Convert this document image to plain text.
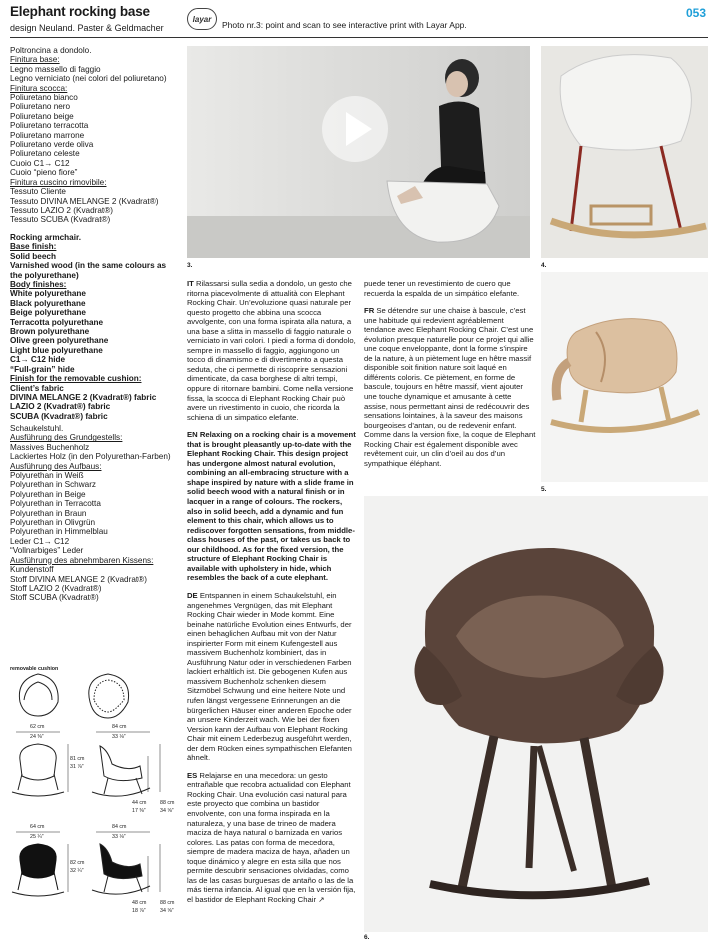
Elephant rocking base
design Neuland. Paster & Geldmacher
layar
Photo nr.3: point and scan to see interactive print with Layar App.
053
Poltroncina a dondolo.
Finitura base:
Legno massello di faggio
Legno verniciato (nei colori del poliuretano)
Finitura scocca:
Poliuretano bianco
Poliuretano nero
Poliuretano beige
Poliuretano terracotta
Poliuretano marrone
Poliuretano verde oliva
Poliuretano celeste
Cuoio C1→ C12
Cuoio “pieno fiore”
Finitura cuscino rimovibile:
Tessuto Cliente
Tessuto DIVINA MELANGE 2 (Kvadrat®)
Tessuto LAZIO 2 (Kvadrat®)
Tessuto SCUBA (Kvadrat®)
Rocking armchair.
Base finish:
Solid beech
Varnished wood (in the same colours as
the polyurethane)
Body finishes:
White polyurethane
Black polyurethane
Beige polyurethane
Terracotta polyurethane
Brown polyurethane
Olive green polyurethane
Light blue polyurethane
C1→ C12 hide
“Full-grain” hide
Finish for the removable cushion:
Client’s fabric
DIVINA MELANGE 2 (Kvadrat®) fabric
LAZIO 2 (Kvadrat®) fabric
SCUBA (Kvadrat®) fabric
Schaukelstuhl.
Ausführung des Grundgestells:
Massives Buchenholz
Lackiertes Holz (in den Polyurethan-Farben)
Ausführung des Aufbaus:
Polyurethan in Weiß
Polyurethan in Schwarz
Polyurethan in Beige
Polyurethan in Terracotta
Polyurethan in Braun
Polyurethan in Olivgrün
Polyurethan in Himmelblau
Leder C1→ C12
“Vollnarbiges” Leder
Ausführung des abnehmbaren Kissens:
Kundenstoff
Stoff DIVINA MELANGE 2 (Kvadrat®)
Stoff LAZIO 2 (Kvadrat®)
Stoff SCUBA (Kvadrat®)
3.	4.
5.
6.

IT Rilassarsi sulla sedia a dondolo, un gesto che ritorna piacevolmente di attualità con Elephant Rocking Chair. Un’evoluzione quasi naturale per questo progetto che abbina una scocca avvolgente, con una forma ispirata alla natura, a una base a slitta in massello di faggio naturale o verniciato in vari colori. I piedi a forma di dondolo, sempre in massello di faggio, aggiungono un tocco di dinamismo e di divertimento a questa seduta, che ci permette di riscoprire sensazioni dimenticate, da casa borghese di altri tempi, oppure di ritornare bambini. Come nella versione fissa, la scocca di Elephant Rocking Chair può avere un rivestimento in cuoio, che ricorda la schiena di un simpatico elefante.

EN Relaxing on a rocking chair is a movement that is brought pleasantly up-to-date with the Elephant Rocking Chair. This design project has undergone almost natural evolution, combining an all-embracing structure with a shape inspired by nature with a slide frame in solid beech wood with a natural finish or in lacquer in a range of colours. The rockers, also in solid beech, add a dynamic and fun element to this chair, which allows us to rediscover forgotten sensations, from middle-class houses of the past, or takes us back to our childhood. As for the fixed version, the structure of Elephant Rocking Chair is available with upholstery in hide, which resembles the back of a cute elephant.

DE Entspannen in einem Schaukelstuhl, ein angenehmes Vergnügen, das mit Elephant Rocking Chair wieder in Mode kommt. Eine beinahe natürliche Evolution eines Entwurfs, der einen behaglichen Aufbau mit von der Natur inspirierter Form mit einem Kufengestell aus massivem Buchenholz kombiniert, das in Ausführung Natur oder in verschiedenen Farben lackiert erhältlich ist. Die gebogenen Kufen aus massivem Buchenholz schenken diesem Sitzmöbel Schwung und eine heitere Note und rufen längst vergessene Erinnerungen an die bürgerlichen Häuser einer anderen Epoche oder an unsere Kinderzeit wach. Wie bei der fixen Version kann der Aufbau von Elephant Rocking Chair mit einem Lederbezug ausgeführt werden, der dem Rücken eines sympathischen Elefanten ähnelt.

ES Relajarse en una mecedora: un gesto entrañable que recobra actualidad con Elephant Rocking Chair. Una evolución casi natural para este proyecto que combina un bastidor envolvente, con una forma inspirada en la naturaleza, y una base de trineo de madera maciza de haya natural o barnizada en varios colores. Las patas con forma de mecedora, siempre de madera maciza de haya, añaden un toque dinámico y alegre en esta silla que nos permite descubrir sensaciones olvidadas, como las de las casas burguesas de antaño o las de la más tierna infancia. Al igual que en la versión fija, el bastidor de Elephant Rocking Chair ↗

puede tener un revestimiento de cuero que recuerda la espalda de un simpático elefante.

FR Se détendre sur une chaise à bascule, c’est une habitude qui redevient agréablement tendance avec Elephant Rocking Chair. C’est une évolution presque naturelle pour ce projet qui allie une coque enveloppante, dont la forme s’inspire de la nature, à un piètement luge en hêtre massif disponible soit finition nature soit laqué en différents coloris. Ce piètement, en forme de bascule, toujours en hêtre massif, vient ajouter une touche dynamique et amusante à cette assise, nous permettant ainsi de redécouvrir des sensations lointaines, à la saveur des maisons bourgeoises d’antan, ou de redevenir enfant.

Comme dans la version fixe, la coque de Elephant Rocking Chair est également disponible avec revêtement cuir, un clin d’oeil au dos d’un sympathique éléphant.

removable cushion
62 cm
24 ⅜”
84 cm
33 ⅛”
81 cm
31 ⅞”
44 cm
17 ⅜”
88 cm
34 ⅝”
64 cm
25 ¼”
84 cm
33 ⅛”
82 cm
32 ¼”
48 cm
18 ⅞”
88 cm
34 ⅝”
